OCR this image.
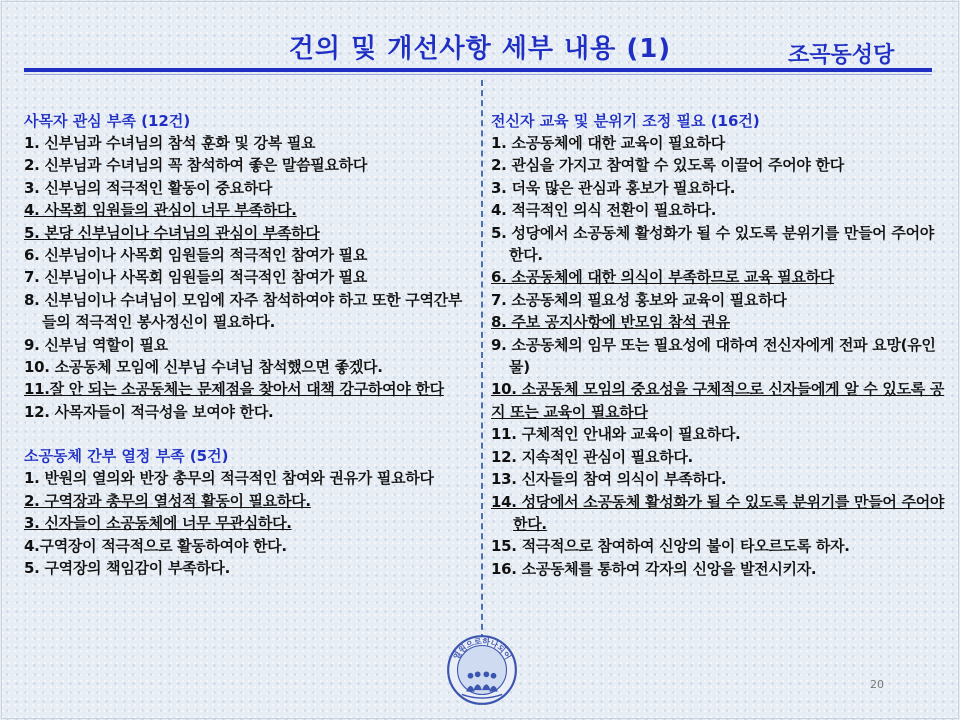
건의 및 개선사항 세부 내용 (1)	조곡동성당
사목자 관심 부족 (12건)
1. 신부님과 수녀님의 참석 훈화 및 강복 필요
2. 신부님과 수녀님의 꼭 참석하여 좋은 말씀필요하다
3. 신부님의 적극적인 활동이 중요하다
4. 사목회 임원들의 관심이 너무 부족하다.
5. 본당 신부님이나 수녀님의 관심이 부족하다
6. 신부님이나 사목회 임원들의 적극적인 참여가 필요
7. 신부님이나 사목회 임원들의 적극적인 참여가 필요
8. 신부님이나 수녀님이 모임에 자주 참석하여야 하고 또한 구역간부들의 적극적인 봉사정신이 필요하다.
9. 신부님 역할이 필요
10. 소공동체 모임에 신부님 수녀님 참석했으면 좋겠다.
11.잘 안 되는 소공동체는 문제점을 찾아서 대책 강구하여야 한다
12. 사목자들이 적극성을 보여야 한다.
소공동체 간부 열정 부족 (5건)
1. 반원의 열의와 반장 총무의 적극적인 참여와 권유가 필요하다
2. 구역장과 총무의 열성적 활동이 필요하다.
3. 신자들이 소공동체에 너무 무관심하다.
4.구역장이 적극적으로 활동하여야 한다.
5. 구역장의 책임감이 부족하다.
전신자 교육 및 분위기 조정 필요 (16건)
1. 소공동체에 대한 교육이 필요하다
2. 관심을 가지고 참여할 수 있도록 이끌어 주어야 한다
3. 더욱 많은 관심과 홍보가 필요하다.
4. 적극적인 의식 전환이 필요하다.
5. 성당에서 소공동체 활성화가 될 수 있도록 분위기를 만들어 주어야 한다.
6. 소공동체에 대한 의식이 부족하므로 교육 필요하다
7. 소공동체의 필요성 홍보와 교육이 필요하다
8. 주보 공지사항에 반모임 참석 권유
9. 소공동체의 임무 또는 필요성에 대하여 전신자에게 전파 요망(유인물)
10. 소공동체 모임의 중요성을 구체적으로 신자들에게 알 수 있도록 공지 또는 교육이 필요하다
11. 구체적인 안내와 교육이 필요하다.
12. 지속적인 관심이 필요하다.
13. 신자들의 참여 의식이 부족하다.
14. 성당에서 소공동체 활성화가 될 수 있도록 분위기를 만들어 주어야 한다.
15. 적극적으로 참여하여 신앙의 불이 타오르도록 하자.
16. 소공동체를 통하여 각자의 신앙을 발전시키자.
열원으로하나되어
20
